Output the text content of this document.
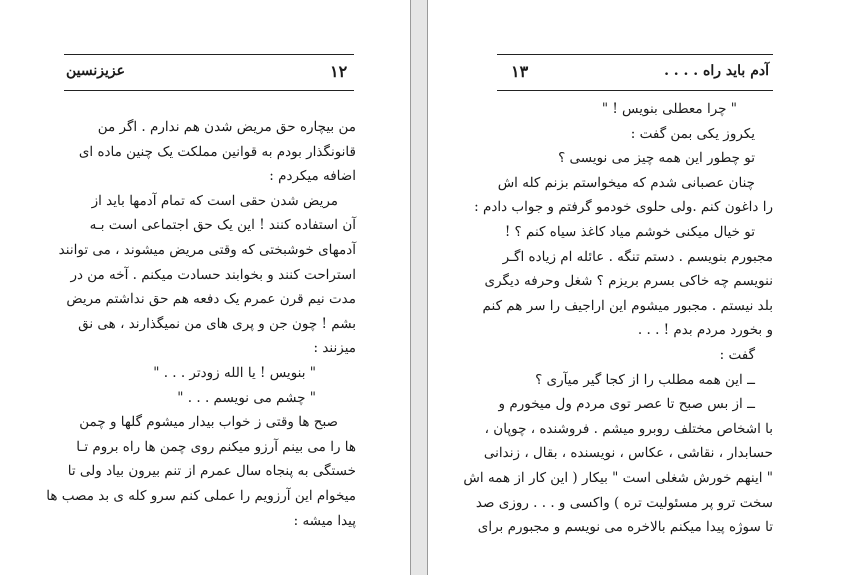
۱۲
عزیزنسین

من بیچاره حق مریض شدن هم ندارم . اگر من

قانونگذار بودم به قوانین مملکت یک چنین ماده ای

اضافه میکردم :

مریض شدن حقی است که تمام آدمها باید از

آن استفاده کنند ! این یک حق اجتماعی است بـه

آدمهای خوشبختی که وقتی مریض میشوند ، می توانند

استراحت کنند و بخوابند حسادت میکنم . آخه من در

مدت نیم قرن عمرم یک دفعه هم حق نداشتم مریض

بشم ! چون جن و پری های من نمیگذارند ، هی نق

میزنند :

" بنویس ! یا الله زودتر . . . "

" چشم می نویسم . . . "

صبح ها وقتی ز خواب بیدار میشوم گلها و چمن

ها را می بینم آرزو میکنم روی چمن ها راه بروم تـا

خستگی به پنجاه سال عمرم از تنم بیرون بیاد ولی تا

میخوام این آرزویم را عملی کنم سرو کله ی بد مصب ها

پیدا میشه :

۱۳	آدم باید راه . . . .

" چرا معطلی بنویس ! "

یکروز یکی بمن گفت :

تو چطور این همه چیز می نویسی ؟

چنان عصبانی شدم که میخواستم بزنم کله اش

را داغون کنم .ولی حلوی خودمو گرفتم و جواب دادم :

تو خیال میکنی خوشم میاد کاغذ سیاه کنم ؟ !

مجبورم بنویسم . دستم تنگه . عائله ام زیاده اگـر

ننویسم چه خاکی بسرم بریزم ؟ شغل وحرفه دیگری

بلد نیستم . مجبور میشوم این اراجیف را سر هم کنم

و بخورد مردم بدم ! . . .

گفت :

ــ این همه مطلب را از کجا گیر میآری ؟

ــ از بس صبح تا عصر توی مردم ول میخورم و

با اشخاص مختلف روبرو میشم . فروشنده ، چوپان ،

حسابدار ، نقاشی ، عکاس ، نویسنده ، بقال ، زندانی

" اینهم خورش شغلی است " بیکار ( این کار از همه اش

سخت ترو پر مسئولیت تره ) واکسی و . . . روزی صد

تا سوژه پیدا میکنم بالاخره می نویسم و مجبورم برای
